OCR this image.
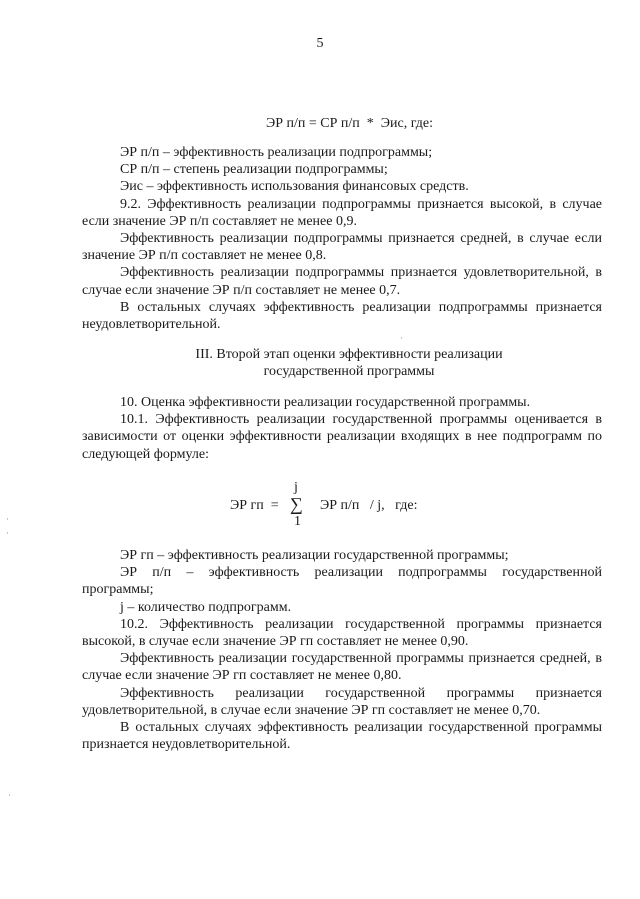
5
ЭР п/п = СР п/п  *  Эис, где:

ЭР п/п – эффективность реализации подпрограммы;

СР п/п – степень реализации подпрограммы;

Эис – эффективность использования финансовых средств.

9.2. Эффективность реализации подпрограммы признается высокой, в случае если значение ЭР п/п составляет не менее 0,9.

Эффективность реализации подпрограммы признается средней, в случае если значение ЭР п/п составляет не менее 0,8.

Эффективность реализации подпрограммы признается удовлетворительной, в случае если значение ЭР п/п составляет не менее 0,7.

В остальных случаях эффективность реализации подпрограммы признается неудовлетворительной.

III. Второй этап оценки эффективности реализации
государственной программы

10. Оценка эффективности реализации государственной программы.

10.1. Эффективность реализации государственной программы оценивается в зависимости от оценки эффективности реализации входящих в нее подпрограмм по следующей формуле:

ЭР гп  =
j
∑
1
ЭР п/п   / j,   где:

ЭР гп – эффективность реализации государственной программы;

ЭР п/п – эффективность реализации подпрограммы государственной программы;

j – количество подпрограмм.

10.2. Эффективность реализации государственной программы признается высокой, в случае если значение ЭР гп составляет не менее 0,90.

Эффективность реализации государственной программы признается средней, в случае если значение ЭР гп составляет не менее 0,80.

Эффективность реализации государственной программы признается удовлетворительной, в случае если значение ЭР гп составляет не менее 0,70.

В остальных случаях эффективность реализации государственной программы признается неудовлетворительной.

·
·
·
·
